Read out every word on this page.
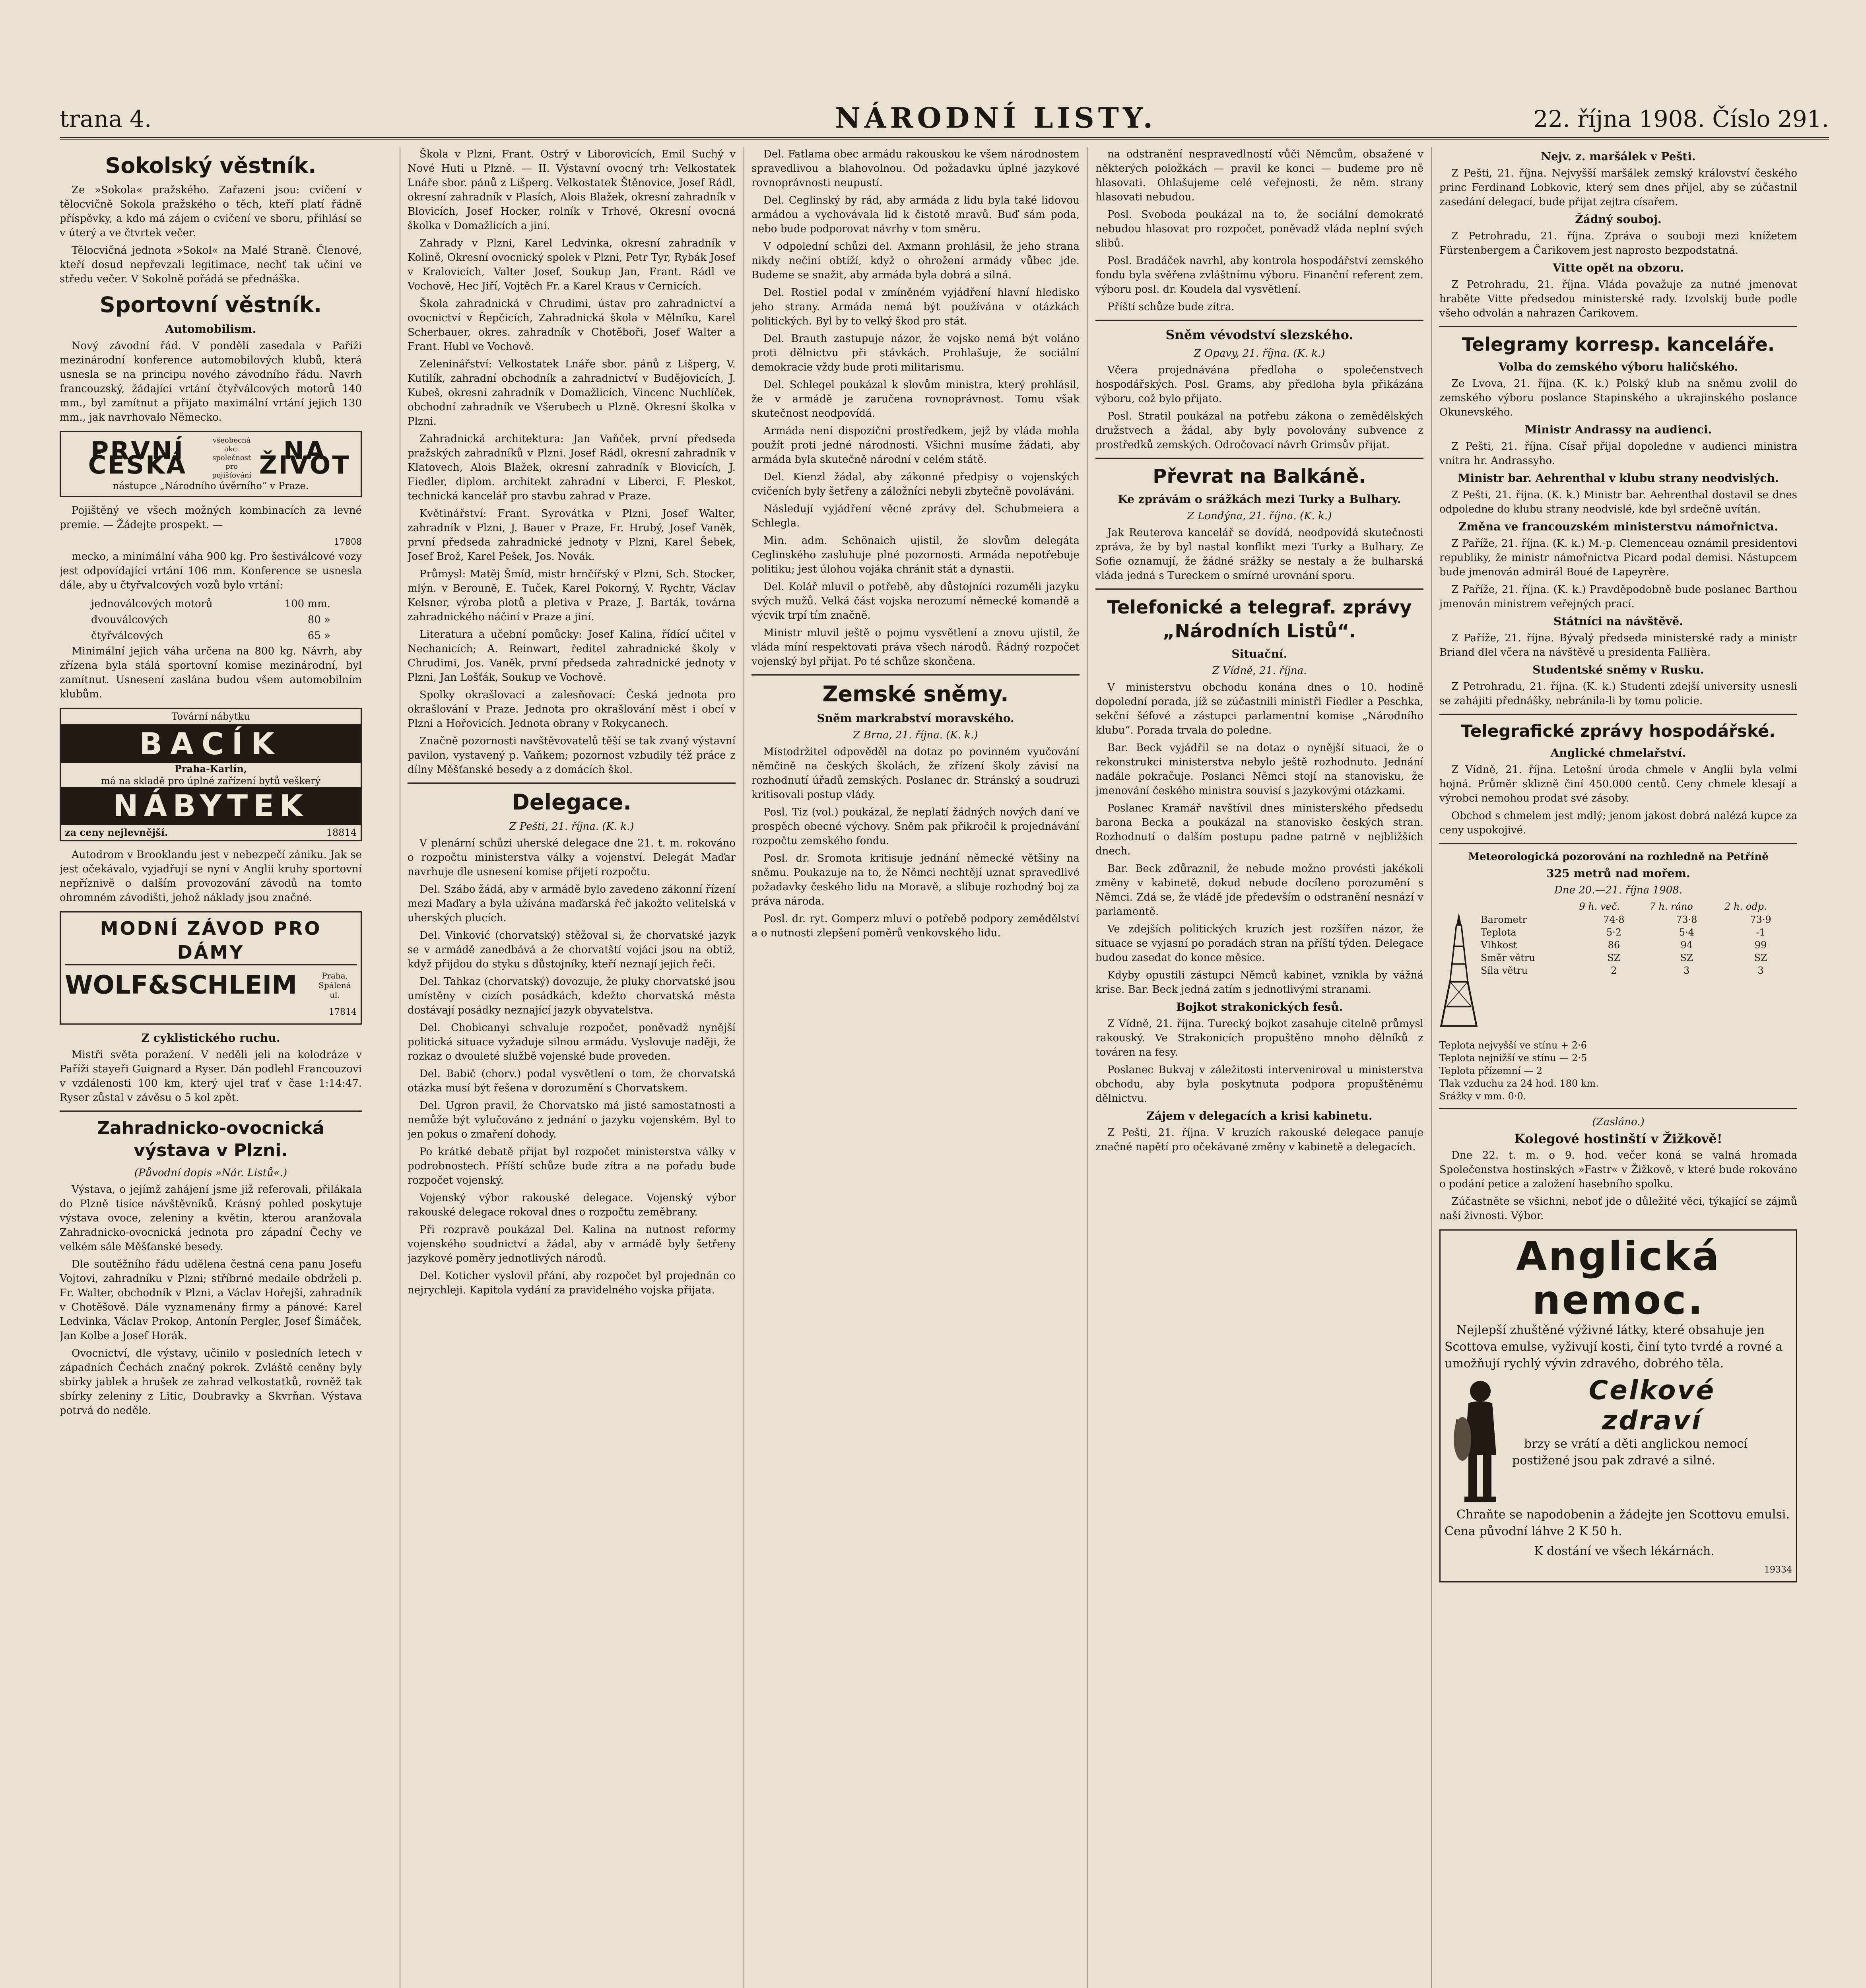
trana 4.	NÁRODNÍ LISTY.	22. října 1908. Číslo 291.
Sokolský věstník.

Ze »Sokola« pražského. Zařazeni jsou: cvičení v tělocvičně Sokola pražského o těch, kteří platí řádně příspěvky, a kdo má zájem o cvičení ve sboru, přihlásí se v úterý a ve čtvrtek večer.

Tělocvičná jednota »Sokol« na Malé Straně. Členové, kteří dosud nepřevzali legitimace, nechť tak učiní ve středu večer. V Sokolně pořádá se přednáška.

Sportovní věstník.
Automobilism.

Nový závodní řád. V pondělí zasedala v Paříži mezinárodní konference automobilových klubů, která usnesla se na principu nového závodního řádu. Navrh francouzský, žádající vrtání čtyřválcových motorů 140 mm., byl zamítnut a přijato maximální vrtání jejich 130 mm., jak navrhovalo Německo.

PRVNÍ ČESKÁ
všeobecná akc. společnost pro pojišťování
NA ŽIVOT
nástupce „Národního úvěrního“ v Praze.

Pojištěný ve všech možných kombinacích za levné premie. — Žádejte prospekt. —

17808

mecko, a minimální váha 900 kg. Pro šestiválcové vozy jest odpovídající vrtání 106 mm. Konference se usnesla dále, aby u čtyřvalcových vozů bylo vrtání:

jednoválcových motorů	100 mm.
dvouválcových	80 »
čtyřválcových	65 »

Minimální jejich váha určena na 800 kg. Návrh, aby zřízena byla stálá sportovní komise mezinárodní, byl zamítnut. Usnesení zaslána budou všem automobilním klubům.

Tovární nábytku
BACÍK
Praha-Karlín,
má na skladě pro úplné zařízení bytů veškerý
NÁBYTEK
za ceny nejlevnější.	18814

Autodrom v Brooklandu jest v nebezpečí zániku. Jak se jest očekávalo, vyjadřují se nyní v Anglii kruhy sportovní nepříznivě o dalším provozování závodů na tomto ohromném závodišti, jehož náklady jsou značné.

MODNÍ ZÁVOD PRO DÁMY
WOLF&SCHLEIM	Praha, Spálená ul.
17814
Z cyklistického ruchu.

Mistři světa poražení. V neděli jeli na kolodráze v Paříži stayeři Guignard a Ryser. Dán podlehl Francouzovi v vzdálenosti 100 km, který ujel trať v čase 1:14:47. Ryser zůstal v závěsu o 5 kol zpět.

Zahradnicko-ovocnická výstava v Plzni.
(Původní dopis »Nár. Listů«.)

Výstava, o jejímž zahájení jsme již referovali, přilákala do Plzně tisíce návštěvníků. Krásný pohled poskytuje výstava ovoce, zeleniny a květin, kterou aranžovala Zahradnicko-ovocnická jednota pro západní Čechy ve velkém sále Měšťanské besedy.

Dle soutěžního řádu udělena čestná cena panu Josefu Vojtovi, zahradníku v Plzni; stříbrné medaile obdrželi p. Fr. Walter, obchodník v Plzni, a Václav Hořejší, zahradník v Chotěšově. Dále vyznamenány firmy a pánové: Karel Ledvinka, Václav Prokop, Antonín Pergler, Josef Šimáček, Jan Kolbe a Josef Horák.

Ovocnictví, dle výstavy, učinilo v posledních letech v západních Čechách značný pokrok. Zvláště ceněny byly sbírky jablek a hrušek ze zahrad velkostatků, rovněž tak sbírky zeleniny z Litic, Doubravky a Skvrňan. Výstava potrvá do neděle.

Škola v Plzni, Frant. Ostrý v Liborovicích, Emil Suchý v Nové Huti u Plzně. — II. Výstavní ovocný trh: Velkostatek Lnáře sbor. pánů z Lišperg. Velkostatek Štěnovice, Josef Rádl, okresní zahradník v Plasích, Alois Blažek, okresní zahradník v Blovicích, Josef Hocker, rolník v Trhové, Okresní ovocná školka v Domažlicích a jiní.

Zahrady v Plzni, Karel Ledvinka, okresní zahradník v Kolině, Okresní ovocnický spolek v Plzni, Petr Tyr, Rybák Josef v Kralovicích, Valter Josef, Soukup Jan, Frant. Rádl ve Vochově, Hec Jiří, Vojtěch Fr. a Karel Kraus v Cernicích.

Škola zahradnická v Chrudimi, ústav pro zahradnictví a ovocnictví v Řepčicích, Zahradnická škola v Mělníku, Karel Scherbauer, okres. zahradník v Chotěboři, Josef Walter a Frant. Hubl ve Vochově.

Zeleninářství: Velkostatek Lnáře sbor. pánů z Lišperg, V. Kutilík, zahradní obchodník a zahradnictví v Budějovicích, J. Kubeš, okresní zahradník v Domažlicích, Vincenc Nuchlíček, obchodní zahradník ve Všerubech u Plzně. Okresní školka v Plzni.

Zahradnická architektura: Jan Vaňček, první předseda pražských zahradníků v Plzni. Josef Rádl, okresní zahradník v Klatovech, Alois Blažek, okresní zahradník v Blovicích, J. Fiedler, diplom. architekt zahradní v Liberci, F. Pleskot, technická kancelář pro stavbu zahrad v Praze.

Květinářství: Frant. Syrovátka v Plzni, Josef Walter, zahradník v Plzni, J. Bauer v Praze, Fr. Hrubý, Josef Vaněk, první předseda zahradnické jednoty v Plzni, Karel Šebek, Josef Brož, Karel Pešek, Jos. Novák.

Průmysl: Matěj Šmíd, mistr hrnčířský v Plzni, Sch. Stocker, mlýn. v Berouně, E. Tuček, Karel Pokorný, V. Rychtr, Václav Kelsner, výroba plotů a pletiva v Praze, J. Barták, továrna zahradnického náčiní v Praze a jiní.

Literatura a učební pomůcky: Josef Kalina, řídící učitel v Nechanicích; A. Reinwart, ředitel zahradnické školy v Chrudimi, Jos. Vaněk, první předseda zahradnické jednoty v Plzni, Jan Lošťák, Soukup ve Vochově.

Spolky okrašlovací a zalesňovací: Česká jednota pro okrašlování v Praze. Jednota pro okrašlování měst i obcí v Plzni a Hořovicích. Jednota obrany v Rokycanech.

Značně pozornosti navštěvovatelů těší se tak zvaný výstavní pavilon, vystavený p. Vaňkem; pozornost vzbudily též práce z dílny Měšťanské besedy a z domácích škol.

Delegace.
Z Pešti, 21. října. (K. k.)

V plenární schůzi uherské delegace dne 21. t. m. rokováno o rozpočtu ministerstva války a vojenství. Delegát Maďar navrhuje dle usnesení komise přijetí rozpočtu.

Del. Szábo žádá, aby v armádě bylo zavedeno zákonní řízení mezi Maďary a byla užívána maďarská řeč jakožto velitelská v uherských plucích.

Del. Vinković (chorvatský) stěžoval si, že chorvatské jazyk se v armádě zanedbává a že chorvatští vojáci jsou na obtíž, když přijdou do styku s důstojníky, kteří neznají jejich řeči.

Del. Tahkaz (chorvatský) dovozuje, že pluky chorvatské jsou umístěny v cizích posádkách, kdežto chorvatská města dostávají posádky neznající jazyk obyvatelstva.

Del. Chobicanyi schvaluje rozpočet, poněvadž nynější politická situace vyžaduje silnou armádu. Vyslovuje naději, že rozkaz o dvouleté službě vojenské bude proveden.

Del. Babič (chorv.) podal vysvětlení o tom, že chorvatská otázka musí být řešena v dorozumění s Chorvatskem.

Del. Ugron pravil, že Chorvatsko má jisté samostatnosti a nemůže být vylučováno z jednání o jazyku vojenském. Byl to jen pokus o zmaření dohody.

Po krátké debatě přijat byl rozpočet ministerstva války v podrobnostech. Příští schůze bude zítra a na pořadu bude rozpočet vojenský.

Vojenský výbor rakouské delegace. Vojenský výbor rakouské delegace rokoval dnes o rozpočtu zeměbrany.

Při rozpravě poukázal Del. Kalina na nutnost reformy vojenského soudnictví a žádal, aby v armádě byly šetřeny jazykové poměry jednotlivých národů.

Del. Koticher vyslovil přání, aby rozpočet byl projednán co nejrychleji. Kapitola vydání za pravidelného vojska přijata.

Del. Fatlama obec armádu rakouskou ke všem národnostem spravedlivou a blahovolnou. Od požadavku úplné jazykové rovnoprávnosti neupustí.

Del. Ceglinský by rád, aby armáda z lidu byla také lidovou armádou a vychovávala lid k čistotě mravů. Buď sám poda, nebo bude podporovat návrhy v tom směru.

V odpolední schůzi del. Axmann prohlásil, že jeho strana nikdy nečiní obtíží, když o ohrožení armády vůbec jde. Budeme se snažit, aby armáda byla dobrá a silná.

Del. Rostiel podal v zmíněném vyjádření hlavní hledisko jeho strany. Armáda nemá být používána v otázkách politických. Byl by to velký škod pro stát.

Del. Brauth zastupuje názor, že vojsko nemá být voláno proti dělnictvu při stávkách. Prohlašuje, že sociální demokracie vždy bude proti militarismu.

Del. Schlegel poukázal k slovům ministra, který prohlásil, že v armádě je zaručena rovnoprávnost. Tomu však skutečnost neodpovídá.

Armáda není dispoziční prostředkem, jejž by vláda mohla použít proti jedné národnosti. Všichni musíme žádati, aby armáda byla skutečně národní v celém státě.

Del. Kienzl žádal, aby zákonné předpisy o vojenských cvičeních byly šetřeny a záložníci nebyli zbytečně povoláváni.

Následují vyjádření věcné zprávy del. Schubmeiera a Schlegla.

Min. adm. Schönaich ujistil, že slovům delegáta Ceglinského zasluhuje plné pozornosti. Armáda nepotřebuje politiku; jest úlohou vojáka chránit stát a dynastii.

Del. Kolář mluvil o potřebě, aby důstojníci rozuměli jazyku svých mužů. Velká část vojska nerozumí německé komandě a výcvik trpí tím značně.

Ministr mluvil ještě o pojmu vysvětlení a znovu ujistil, že vláda míní respektovati práva všech národů. Řádný rozpočet vojenský byl přijat. Po té schůze skončena.

Zemské sněmy.
Sněm markrabství moravského.
Z Brna, 21. října. (K. k.)

Místodržitel odpověděl na dotaz po povinném vyučování němčině na českých školách, že zřízení školy závisí na rozhodnutí úřadů zemských. Poslanec dr. Stránský a soudruzi kritisovali postup vlády.

Posl. Tiz (vol.) poukázal, že neplatí žádných nových daní ve prospěch obecné výchovy. Sněm pak přikročil k projednávání rozpočtu zemského fondu.

Posl. dr. Sromota kritisuje jednání německé většiny na sněmu. Poukazuje na to, že Němci nechtějí uznat spravedlivé požadavky českého lidu na Moravě, a slibuje rozhodný boj za práva národa.

Posl. dr. ryt. Gomperz mluví o potřebě podpory zemědělství a o nutnosti zlepšení poměrů venkovského lidu.

na odstranění nespravedlností vůči Němcům, obsažené v některých položkách — pravil ke konci — budeme pro ně hlasovati. Ohlašujeme celé veřejnosti, že něm. strany hlasovati nebudou.

Posl. Svoboda poukázal na to, že sociální demokraté nebudou hlasovat pro rozpočet, poněvadž vláda neplní svých slibů.

Posl. Bradáček navrhl, aby kontrola hospodářství zemského fondu byla svěřena zvláštnímu výboru. Finanční referent zem. výboru posl. dr. Koudela dal vysvětlení.

Příští schůze bude zítra.

Sněm vévodství slezského.
Z Opavy, 21. října. (K. k.)

Včera projednávána předloha o společenstvech hospodářských. Posl. Grams, aby předloha byla přikázána výboru, což bylo přijato.

Posl. Stratil poukázal na potřebu zákona o zemědělských družstvech a žádal, aby byly povolovány subvence z prostředků zemských. Odročovací návrh Grimsův přijat.

Převrat na Balkáně.
Ke zprávám o srážkách mezi Turky a Bulhary.
Z Londýna, 21. října. (K. k.)

Jak Reuterova kancelář se dovídá, neodpovídá skutečnosti zpráva, že by byl nastal konflikt mezi Turky a Bulhary. Ze Sofie oznamují, že žádné srážky se nestaly a že bulharská vláda jedná s Tureckem o smírné urovnání sporu.

Telefonické a telegraf. zprávy „Národních Listů“.
Situační.
Z Vídně, 21. října.

V ministerstvu obchodu konána dnes o 10. hodině dopolední porada, jíž se zúčastnili ministři Fiedler a Peschka, sekční šéfové a zástupci parlamentní komise „Národního klubu“. Porada trvala do poledne.

Bar. Beck vyjádřil se na dotaz o nynější situaci, že o rekonstrukci ministerstva nebylo ještě rozhodnuto. Jednání nadále pokračuje. Poslanci Němci stojí na stanovisku, že jmenování českého ministra souvisí s jazykovými otázkami.

Poslanec Kramář navštívil dnes ministerského předsedu barona Becka a poukázal na stanovisko českých stran. Rozhodnutí o dalším postupu padne patrně v nejbližších dnech.

Bar. Beck zdůraznil, že nebude možno provésti jakékoli změny v kabinetě, dokud nebude docíleno porozumění s Němci. Zdá se, že vládě jde především o odstranění nesnází v parlamentě.

Ve zdejších politických kruzích jest rozšířen názor, že situace se vyjasní po poradách stran na příští týden. Delegace budou zasedat do konce měsíce.

Kdyby opustili zástupci Němců kabinet, vznikla by vážná krise. Bar. Beck jedná zatím s jednotlivými stranami.

Bojkot strakonických fesů.

Z Vídně, 21. října. Turecký bojkot zasahuje citelně průmysl rakouský. Ve Strakonicích propuštěno mnoho dělníků z továren na fesy.

Poslanec Bukvaj v záležitosti interveniroval u ministerstva obchodu, aby byla poskytnuta podpora propuštěnému dělnictvu.

Zájem v delegacích a krisi kabinetu.

Z Pešti, 21. října. V kruzích rakouské delegace panuje značné napětí pro očekávané změny v kabinetě a delegacích.

Nejv. z. maršálek v Pešti.

Z Pešti, 21. října. Nejvyšší maršálek zemský království českého princ Ferdinand Lobkovic, který sem dnes přijel, aby se zúčastnil zasedání delegací, bude přijat zejtra císařem.

Žádný souboj.

Z Petrohradu, 21. října. Zpráva o souboji mezi knížetem Fürstenbergem a Čarikovem jest naprosto bezpodstatná.

Vitte opět na obzoru.

Z Petrohradu, 21. října. Vláda považuje za nutné jmenovat hraběte Vitte předsedou ministerské rady. Izvolskij bude podle všeho odvolán a nahrazen Čarikovem.

Telegramy korresp. kanceláře.
Volba do zemského výboru haličského.

Ze Lvova, 21. října. (K. k.) Polský klub na sněmu zvolil do zemského výboru poslance Stapinského a ukrajinského poslance Okunevského.

Ministr Andrassy na audienci.

Z Pešti, 21. října. Císař přijal dopoledne v audienci ministra vnitra hr. Andrassyho.

Ministr bar. Aehrenthal v klubu strany neodvislých.

Z Pešti, 21. října. (K. k.) Ministr bar. Aehrenthal dostavil se dnes odpoledne do klubu strany neodvislé, kde byl srdečně uvítán.

Změna ve francouzském ministerstvu námořnictva.

Z Paříže, 21. října. (K. k.) M.-p. Clemenceau oznámil presidentovi republiky, že ministr námořnictva Picard podal demisi. Nástupcem bude jmenován admirál Boué de Lapeyrère.

Z Paříže, 21. října. (K. k.) Pravděpodobně bude poslanec Barthou jmenován ministrem veřejných prací.

Státníci na návštěvě.

Z Paříže, 21. října. Bývalý předseda ministerské rady a ministr Briand dlel včera na návštěvě u presidenta Fallièra.

Studentské sněmy v Rusku.

Z Petrohradu, 21. října. (K. k.) Studenti zdejší university usnesli se zahájiti přednášky, nebránila-li by tomu policie.

Telegrafické zprávy hospodářské.
Anglické chmelařství.

Z Vídně, 21. října. Letošní úroda chmele v Anglii byla velmi hojná. Průměr sklizně činí 450.000 centů. Ceny chmele klesají a výrobci nemohou prodat své zásoby.

Obchod s chmelem jest mdlý; jenom jakost dobrá nalézá kupce za ceny uspokojivé.

Meteorologická pozorování na rozhledně na Petříně
325 metrů nad mořem.
Dne 20.—21. října 1908.
	9 h. več.	7 h. ráno	2 h. odp.
Barometr	74·8	73·8	73·9
Teplota	5·2	5·4	-1
Vlhkost	86	94	99
Směr větru	SZ	SZ	SZ
Síla větru	2	3	3
Teplota nejvyšší ve stínu + 2·6
Teplota nejnižší ve stínu — 2·5
Teplota přízemní — 2
Tlak vzduchu za 24 hod. 180 km.
Srážky v mm. 0·0.
(Zasláno.)
Kolegové hostinští v Žižkově!

Dne 22. t. m. o 9. hod. večer koná se valná hromada Společenstva hostinských »Fastr« v Žižkově, v které bude rokováno o podání petice a založení hasebního spolku.

Zúčastněte se všichni, neboť jde o důležité věci, týkající se zájmů naší živnosti. Výbor.

Anglická
nemoc.

Nejlepší zhuštěné výživné látky, které obsahuje jen Scottova emulse, vyživují kosti, činí tyto tvrdé a rovné a umožňují rychlý vývin zdravého, dobrého těla.

Celkové
zdraví

brzy se vrátí a děti anglickou nemocí postižené jsou pak zdravé a silné.

Chraňte se napodobenin a žádejte jen Scottovu emulsi. Cena původní láhve 2 K 50 h.

K dostání ve všech lékárnách.

19334
